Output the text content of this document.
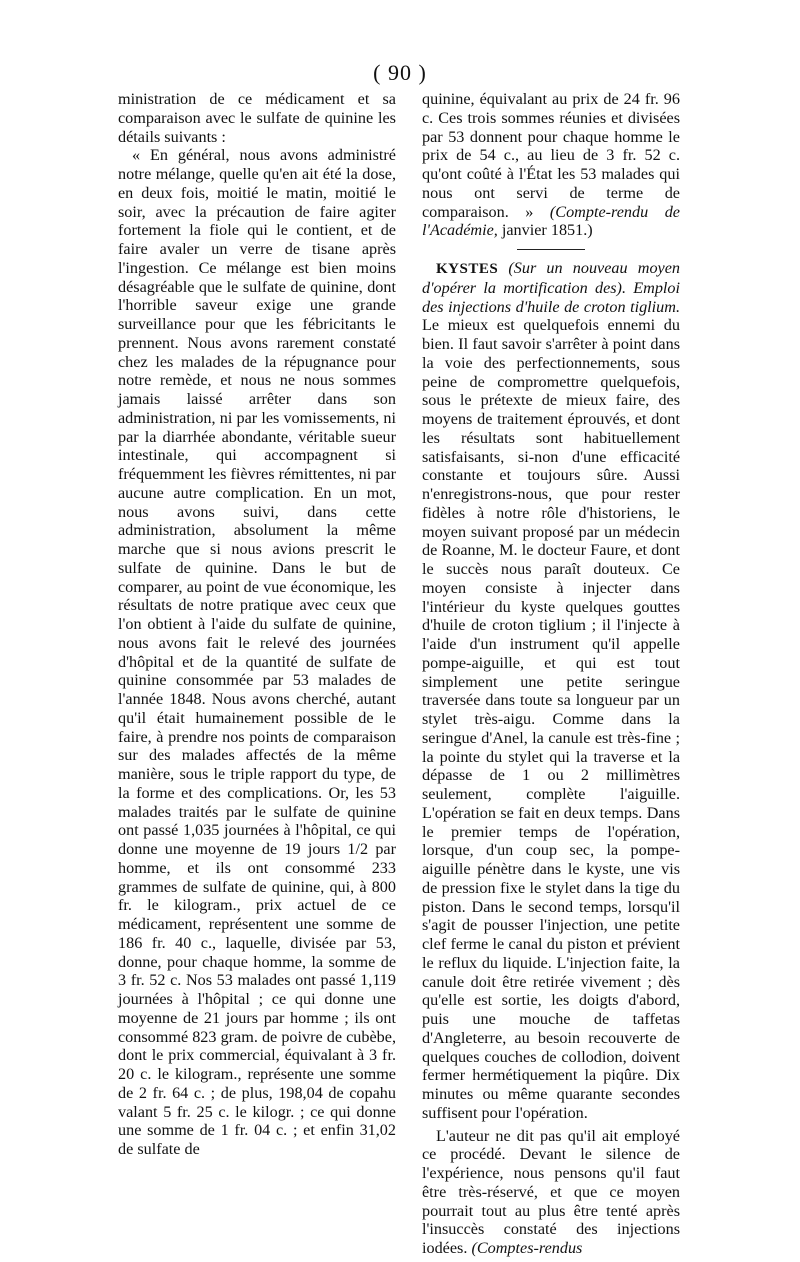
( 90 )

ministration de ce médicament et sa comparaison avec le sulfate de quinine les détails suivants :

« En général, nous avons administré notre mélange, quelle qu'en ait été la dose, en deux fois, moitié le matin, moitié le soir, avec la précaution de faire agiter fortement la fiole qui le contient, et de faire avaler un verre de tisane après l'ingestion. Ce mélange est bien moins désagréable que le sulfate de quinine, dont l'horrible saveur exige une grande surveillance pour que les fébricitants le prennent. Nous avons rarement constaté chez les malades de la répugnance pour notre remède, et nous ne nous sommes jamais laissé arrêter dans son administration, ni par les vomissements, ni par la diarrhée abondante, véritable sueur intestinale, qui accompagnent si fréquemment les fièvres rémittentes, ni par aucune autre complication. En un mot, nous avons suivi, dans cette administration, absolument la même marche que si nous avions prescrit le sulfate de quinine. Dans le but de comparer, au point de vue économique, les résultats de notre pratique avec ceux que l'on obtient à l'aide du sulfate de quinine, nous avons fait le relevé des journées d'hôpital et de la quantité de sulfate de quinine consommée par 53 malades de l'année 1848. Nous avons cherché, autant qu'il était humainement possible de le faire, à prendre nos points de comparaison sur des malades affectés de la même manière, sous le triple rapport du type, de la forme et des complications. Or, les 53 malades traités par le sulfate de quinine ont passé 1,035 journées à l'hôpital, ce qui donne une moyenne de 19 jours 1/2 par homme, et ils ont consommé 233 grammes de sulfate de quinine, qui, à 800 fr. le kilogram., prix actuel de ce médicament, représentent une somme de 186 fr. 40 c., laquelle, divisée par 53, donne, pour chaque homme, la somme de 3 fr. 52 c. Nos 53 malades ont passé 1,119 journées à l'hôpital ; ce qui donne une moyenne de 21 jours par homme ; ils ont consommé 823 gram. de poivre de cubèbe, dont le prix commercial, équivalant à 3 fr. 20 c. le kilogram., représente une somme de 2 fr. 64 c. ; de plus, 198,04 de copahu valant 5 fr. 25 c. le kilogr. ; ce qui donne une somme de 1 fr. 04 c. ; et enfin 31,02 de sulfate de

quinine, équivalant au prix de 24 fr. 96 c. Ces trois sommes réunies et divisées par 53 donnent pour chaque homme le prix de 54 c., au lieu de 3 fr. 52 c. qu'ont coûté à l'État les 53 malades qui nous ont servi de terme de comparaison. » (Compte-rendu de l'Académie, janvier 1851.)

KYSTES (Sur un nouveau moyen d'opérer la mortification des). Emploi des injections d'huile de croton tiglium. Le mieux est quelquefois ennemi du bien. Il faut savoir s'arrêter à point dans la voie des perfectionnements, sous peine de compromettre quelquefois, sous le prétexte de mieux faire, des moyens de traitement éprouvés, et dont les résultats sont habituellement satisfaisants, si-non d'une efficacité constante et toujours sûre. Aussi n'enregistrons-nous, que pour rester fidèles à notre rôle d'historiens, le moyen suivant proposé par un médecin de Roanne, M. le docteur Faure, et dont le succès nous paraît douteux. Ce moyen consiste à injecter dans l'intérieur du kyste quelques gouttes d'huile de croton tiglium ; il l'injecte à l'aide d'un instrument qu'il appelle pompe-aiguille, et qui est tout simplement une petite seringue traversée dans toute sa longueur par un stylet très-aigu. Comme dans la seringue d'Anel, la canule est très-fine ; la pointe du stylet qui la traverse et la dépasse de 1 ou 2 millimètres seulement, complète l'aiguille. L'opération se fait en deux temps. Dans le premier temps de l'opération, lorsque, d'un coup sec, la pompe-aiguille pénètre dans le kyste, une vis de pression fixe le stylet dans la tige du piston. Dans le second temps, lorsqu'il s'agit de pousser l'injection, une petite clef ferme le canal du piston et prévient le reflux du liquide. L'injection faite, la canule doit être retirée vivement ; dès qu'elle est sortie, les doigts d'abord, puis une mouche de taffetas d'Angleterre, au besoin recouverte de quelques couches de collodion, doivent fermer hermétiquement la piqûre. Dix minutes ou même quarante secondes suffisent pour l'opération.

L'auteur ne dit pas qu'il ait employé ce procédé. Devant le silence de l'expérience, nous pensons qu'il faut être très-réservé, et que ce moyen pourrait tout au plus être tenté après l'insuccès constaté des injections iodées. (Comptes-rendus
